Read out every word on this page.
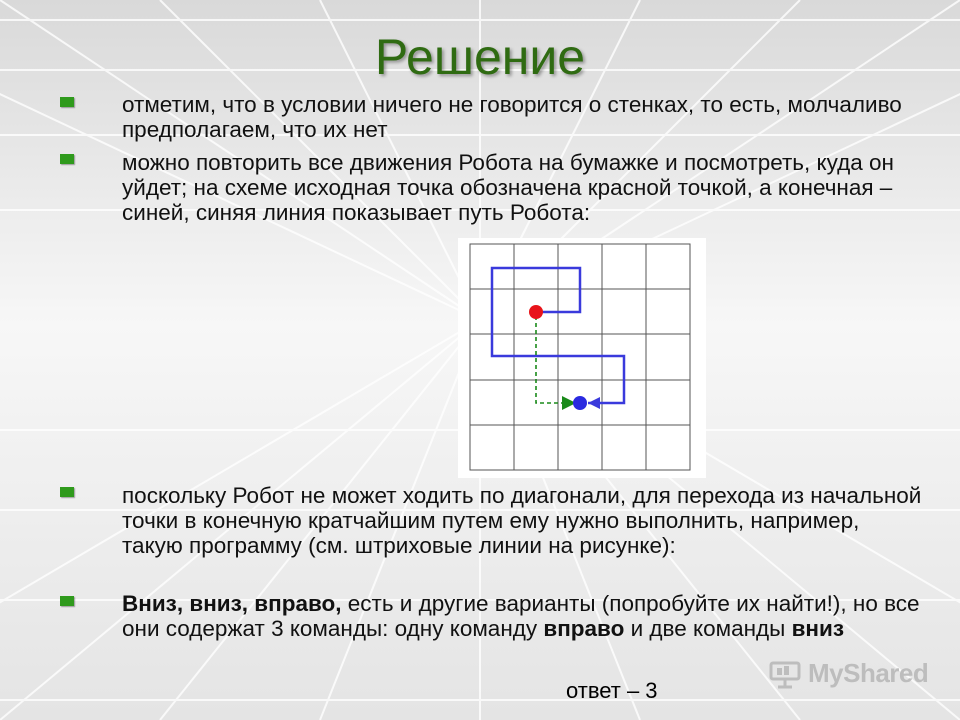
Решение
отметим, что в условии ничего не говорится о стенках, то есть, молчаливо предполагаем, что их нет
можно повторить все движения Робота на бумажке и посмотреть, куда он уйдет; на схеме исходная точка обозначена красной точкой, а конечная – синей, синяя линия показывает путь Робота:
поскольку Робот не может ходить по диагонали, для перехода из начальной точки в конечную кратчайшим путем ему нужно выполнить, например, такую программу (см. штриховые линии на рисунке):
Вниз, вниз, вправо, есть и другие варианты (попробуйте их найти!), но все они содержат 3 команды: одну команду вправо и две команды вниз
ответ – 3
MyShared
